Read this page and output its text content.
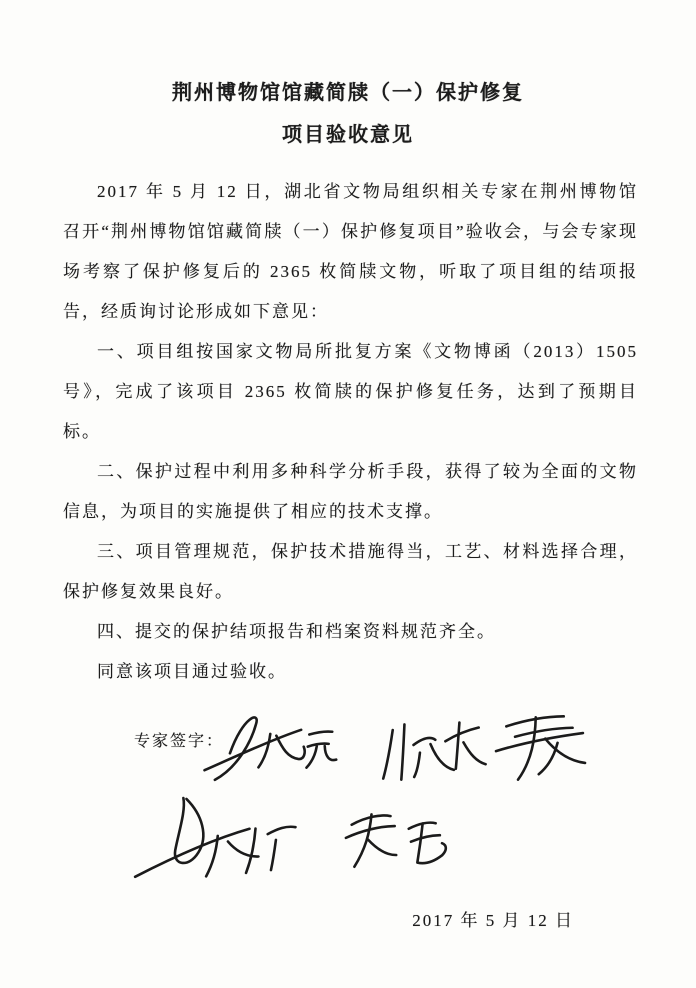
荆州博物馆馆藏简牍（一）保护修复
项目验收意见

2017 年 5 月 12 日，湖北省文物局组织相关专家在荆州博物馆召开“荆州博物馆馆藏简牍（一）保护修复项目”验收会，与会专家现场考察了保护修复后的 2365 枚简牍文物，听取了项目组的结项报告，经质询讨论形成如下意见：

一、项目组按国家文物局所批复方案《文物博函（2013）1505 号》，完成了该项目 2365 枚简牍的保护修复任务，达到了预期目标。

二、保护过程中利用多种科学分析手段，获得了较为全面的文物信息，为项目的实施提供了相应的技术支撑。

三、项目管理规范，保护技术措施得当，工艺、材料选择合理，保护修复效果良好。

四、提交的保护结项报告和档案资料规范齐全。

同意该项目通过验收。

专家签字：
2017 年 5 月 12 日
